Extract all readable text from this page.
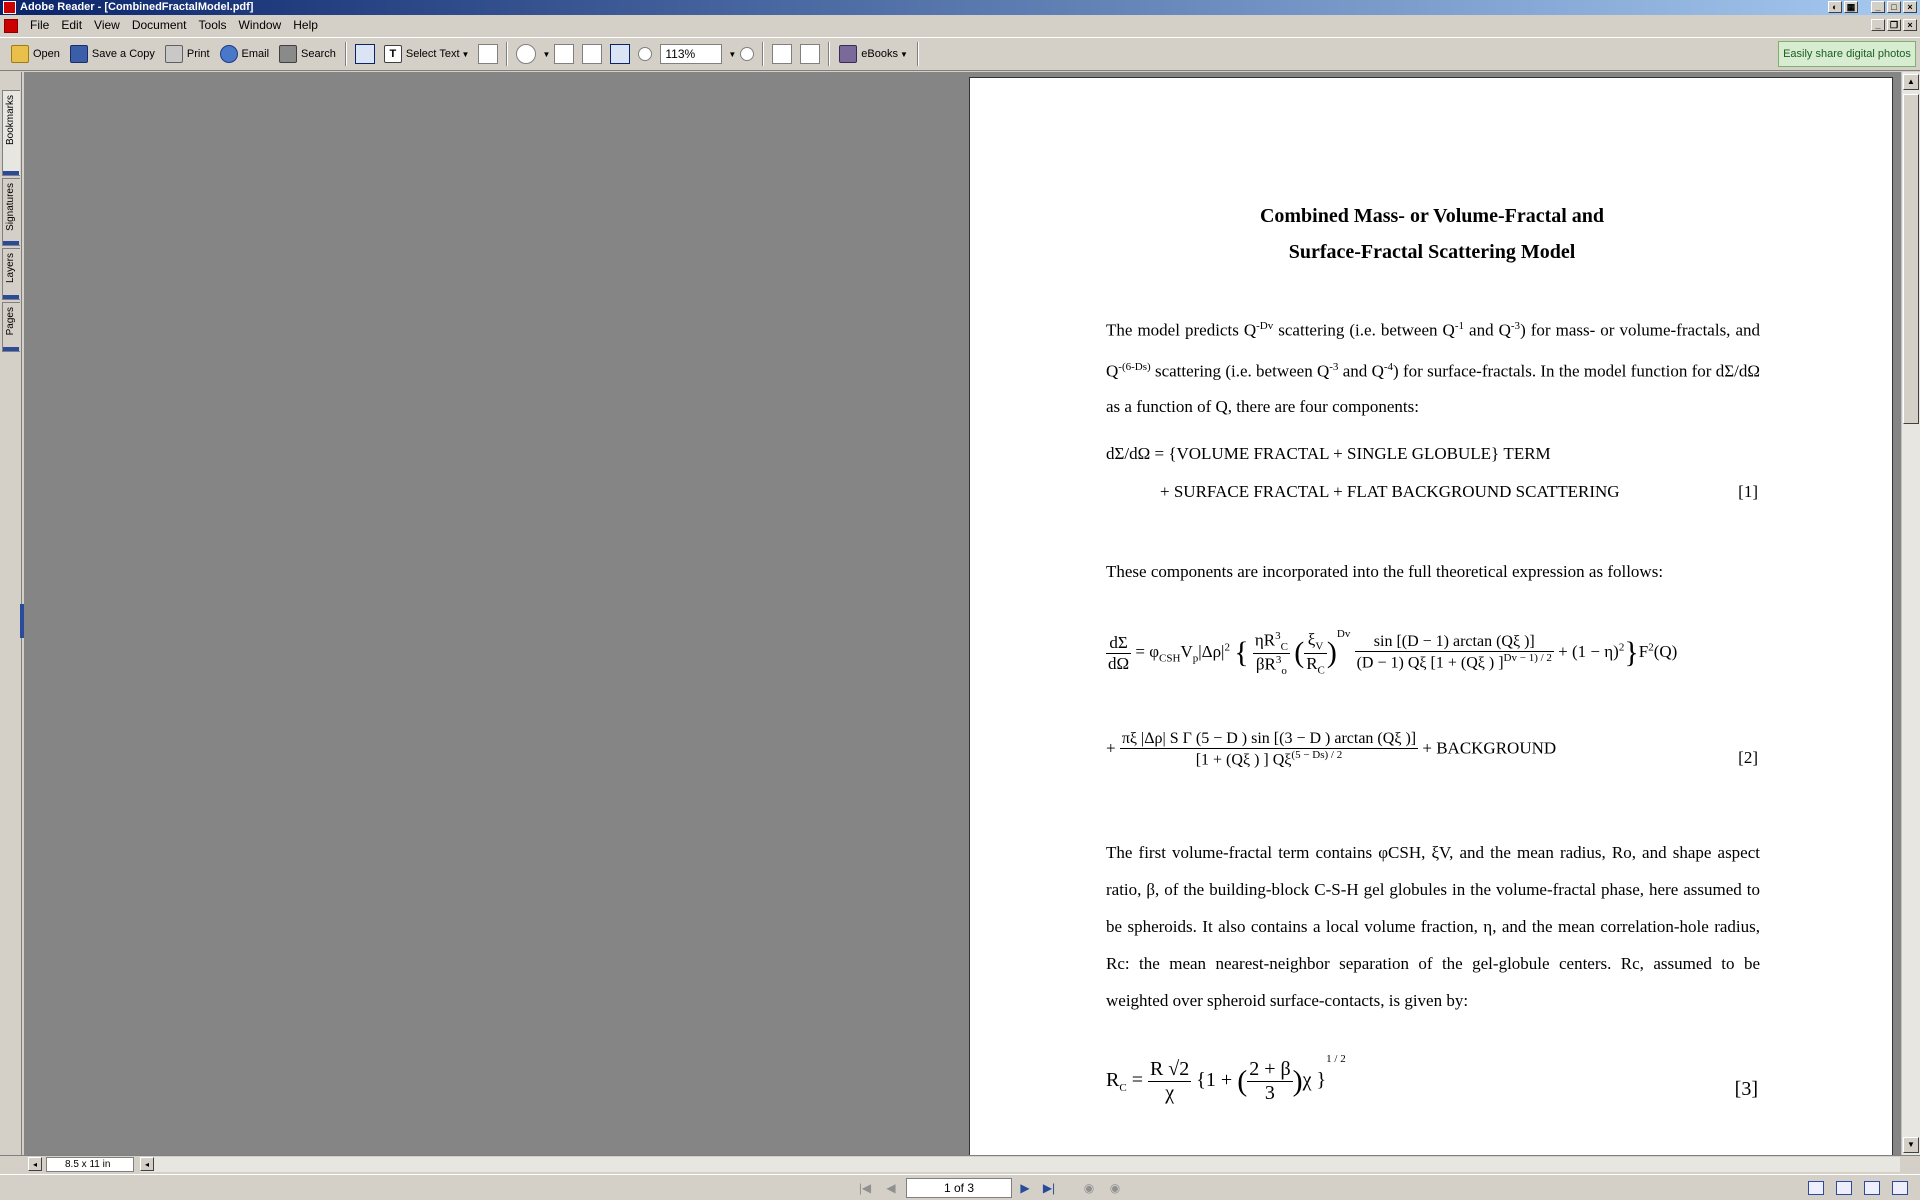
Adobe Reader - [CombinedFractalModel.pdf]	◐	▦	_	□	×
File	Edit	View	Document	Tools	Window	Help	_	❐	×
Open	Save a Copy	Print	Email	Search	T Select Text ▼	▼	113%	▼	eBooks ▼	Easily share digital photos
Bookmarks
Signatures
Layers
Pages
Combined Mass- or Volume-Fractal and
Surface-Fractal Scattering Model
The model predicts $Q^{-Dv}$ scattering (i.e. between $Q^{-1}$ and $Q^{-3}$) for mass- or volume-fractals, and $Q^{-(6-Ds)}$ scattering (i.e. between $Q^{-3}$ and $Q^{-4}$) for surface-fractals. In the model function for dΣ/dΩ as a function of Q, there are four components:
dΣ/dΩ = {VOLUME FRACTAL + SINGLE GLOBULE} TERM
+ SURFACE FRACTAL + FLAT BACKGROUND SCATTERING	[1]
These components are incorporated into the full theoretical expression as follows:
$\frac{d\Sigma}{d\Omega} = \varphi_{CSH}V_p|\Delta\rho|^2$ { $\frac{\eta R^3_C}{\beta R^3_o}$ ( $\frac{\xi_V}{R_C} )^{Dv} \frac{\sin [(D - 1) \arctan (Q\xi )]}{(D - 1) Q\xi [1 + (Q\xi ) ]^{Dv - 1) / 2}} + (1 - \eta)^2\}F^2(Q)$
+ $\frac{\text{πξ |Δρ| S Γ (5 − D ) sin [(3 − D ) arctan (Qξ )]}}{[1 + (Q\xi ) ] Q\xi^{(5 - Ds) / 2}}$ + BACKGROUND	[2]
The first volume-fractal term contains φCSH, ξV, and the mean radius, Ro, and shape aspect ratio, β, of the building-block C-S-H gel globules in the volume-fractal phase, here assumed to be spheroids. It also contains a local volume fraction, η, and the mean correlation-hole radius, Rc: the mean nearest-neighbor separation of the gel-globule centers. Rc, assumed to be weighted over spheroid surface-contacts, is given by:
$R_C = \frac{R √2}{\chi} \{1$ + ( $\frac{2 + \beta}{3} )\chi$ }$^{1 / 2}$
[3]
▲
▼
◂	8.5 x 11 in	◂
|◀	◀	1 of 3	▶	▶|	◉	◉
